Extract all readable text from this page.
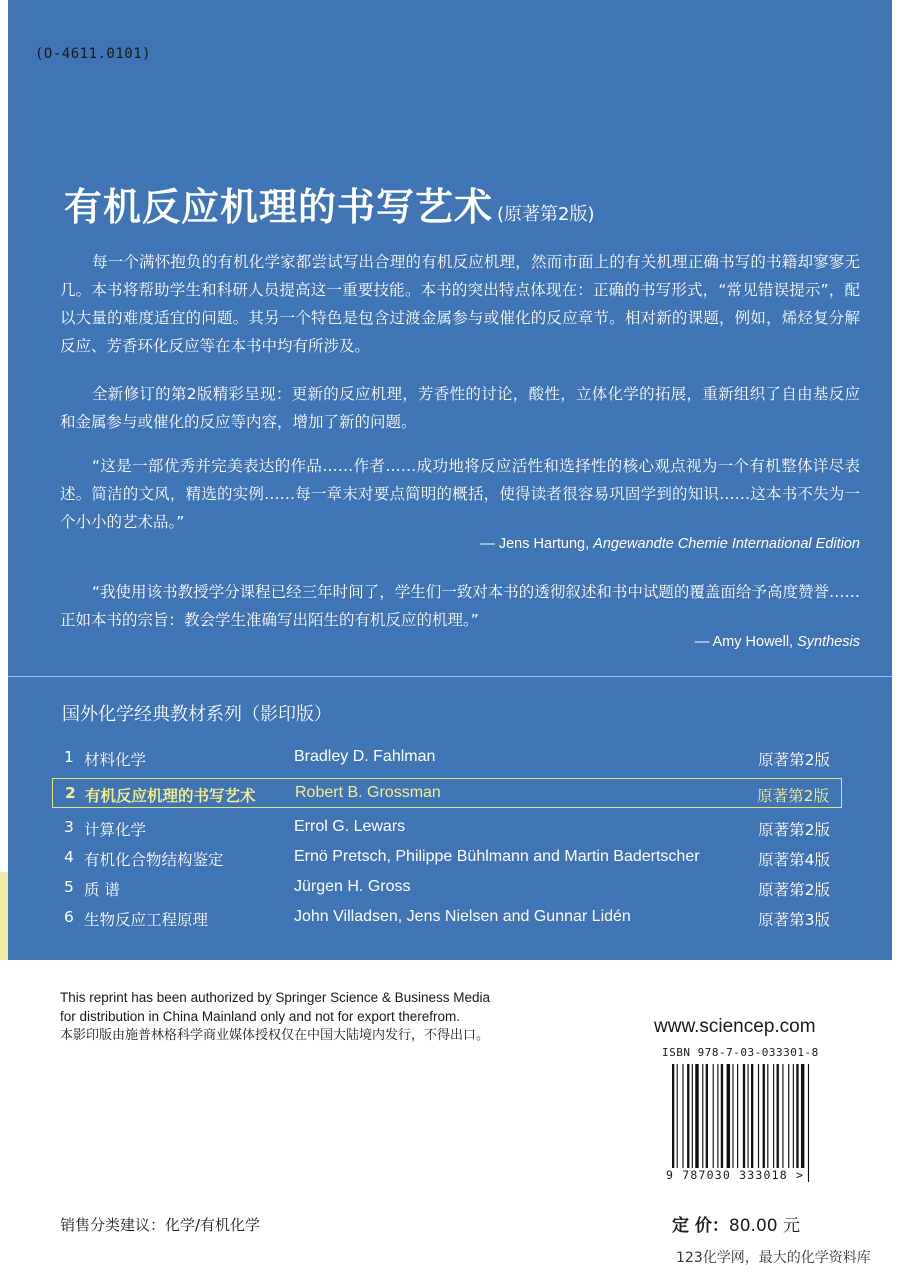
(O-4611.0101)
有机反应机理的书写艺术 (原著第2版)

每一个满怀抱负的有机化学家都尝试写出合理的有机反应机理，然而市面上的有关机理正确书写的书籍却寥寥无几。本书将帮助学生和科研人员提高这一重要技能。本书的突出特点体现在：正确的书写形式，“常见错误提示”，配以大量的难度适宜的问题。其另一个特色是包含过渡金属参与或催化的反应章节。相对新的课题，例如，烯烃复分解反应、芳香环化反应等在本书中均有所涉及。

全新修订的第2版精彩呈现：更新的反应机理，芳香性的讨论，酸性，立体化学的拓展，重新组织了自由基反应和金属参与或催化的反应等内容，增加了新的问题。

“这是一部优秀并完美表达的作品……作者……成功地将反应活性和选择性的核心观点视为一个有机整体详尽表述。简洁的文风，精选的实例……每一章末对要点简明的概括，使得读者很容易巩固学到的知识……这本书不失为一个小小的艺术品。”

— Jens Hartung, Angewandte Chemie International Edition

“我使用该书教授学分课程已经三年时间了，学生们一致对本书的透彻叙述和书中试题的覆盖面给予高度赞誉……正如本书的宗旨：教会学生准确写出陌生的有机反应的机理。”

— Amy Howell, Synthesis
国外化学经典教材系列（影印版）
1 材料化学	Bradley D. Fahlman	原著第2版
2 有机反应机理的书写艺术 Robert B. Grossman	原著第2版
3 计算化学	Errol G. Lewars	原著第2版
4 有机化合物结构鉴定	Ernö Pretsch, Philippe Bühlmann and Martin Badertscher	原著第4版
5 质 谱	Jürgen H. Gross	原著第2版
6 生物反应工程原理	John Villadsen, Jens Nielsen and Gunnar Lidén	原著第3版
This reprint has been authorized by Springer Science & Business Media
for distribution in China Mainland only and not for export therefrom.
本影印版由施普林格科学商业媒体授权仅在中国大陆境内发行，不得出口。	www.sciencep.com
ISBN 978-7-03-033301-8
9 787030 333018 >
销售分类建议：化学/有机化学	定 价：80.00 元
123化学网，最大的化学资料库
